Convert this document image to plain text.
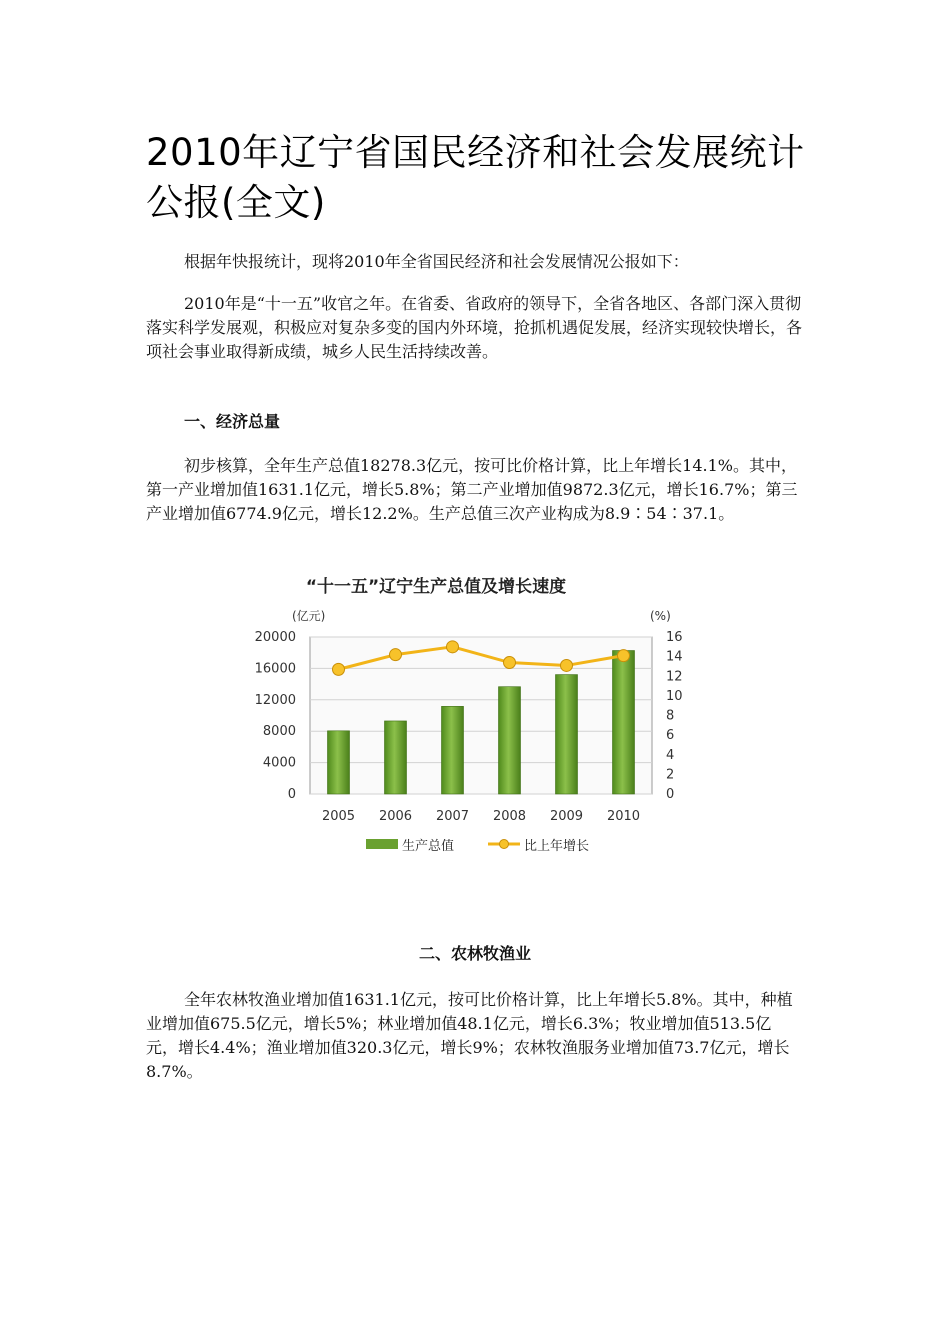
2010年辽宁省国民经济和社会发展统计公报(全文)

根据年快报统计，现将2010年全省国民经济和社会发展情况公报如下：

2010年是“十一五”收官之年。在省委、省政府的领导下，全省各地区、各部门深入贯彻落实科学发展观，积极应对复杂多变的国内外环境，抢抓机遇促发展，经济实现较快增长，各项社会事业取得新成绩，城乡人民生活持续改善。

一、经济总量

初步核算，全年生产总值18278.3亿元，按可比价格计算，比上年增长14.1%。其中，第一产业增加值1631.1亿元，增长5.8%；第二产业增加值9872.3亿元，增长16.7%；第三产业增加值6774.9亿元，增长12.2%。生产总值三次产业构成为8.9∶54∶37.1。

“十一五”辽宁生产总值及增长速度
(亿元)	(%)
0
4000
8000
12000
16000
20000
0
2
4
6
8
10
12
14
16
2005 2006 2007 2008 2009 2010
生产总值	比上年增长
二、农林牧渔业

全年农林牧渔业增加值1631.1亿元，按可比价格计算，比上年增长5.8%。其中，种植业增加值675.5亿元，增长5%；林业增加值48.1亿元，增长6.3%；牧业增加值513.5亿元，增长4.4%；渔业增加值320.3亿元，增长9%；农林牧渔服务业增加值73.7亿元，增长8.7%。
